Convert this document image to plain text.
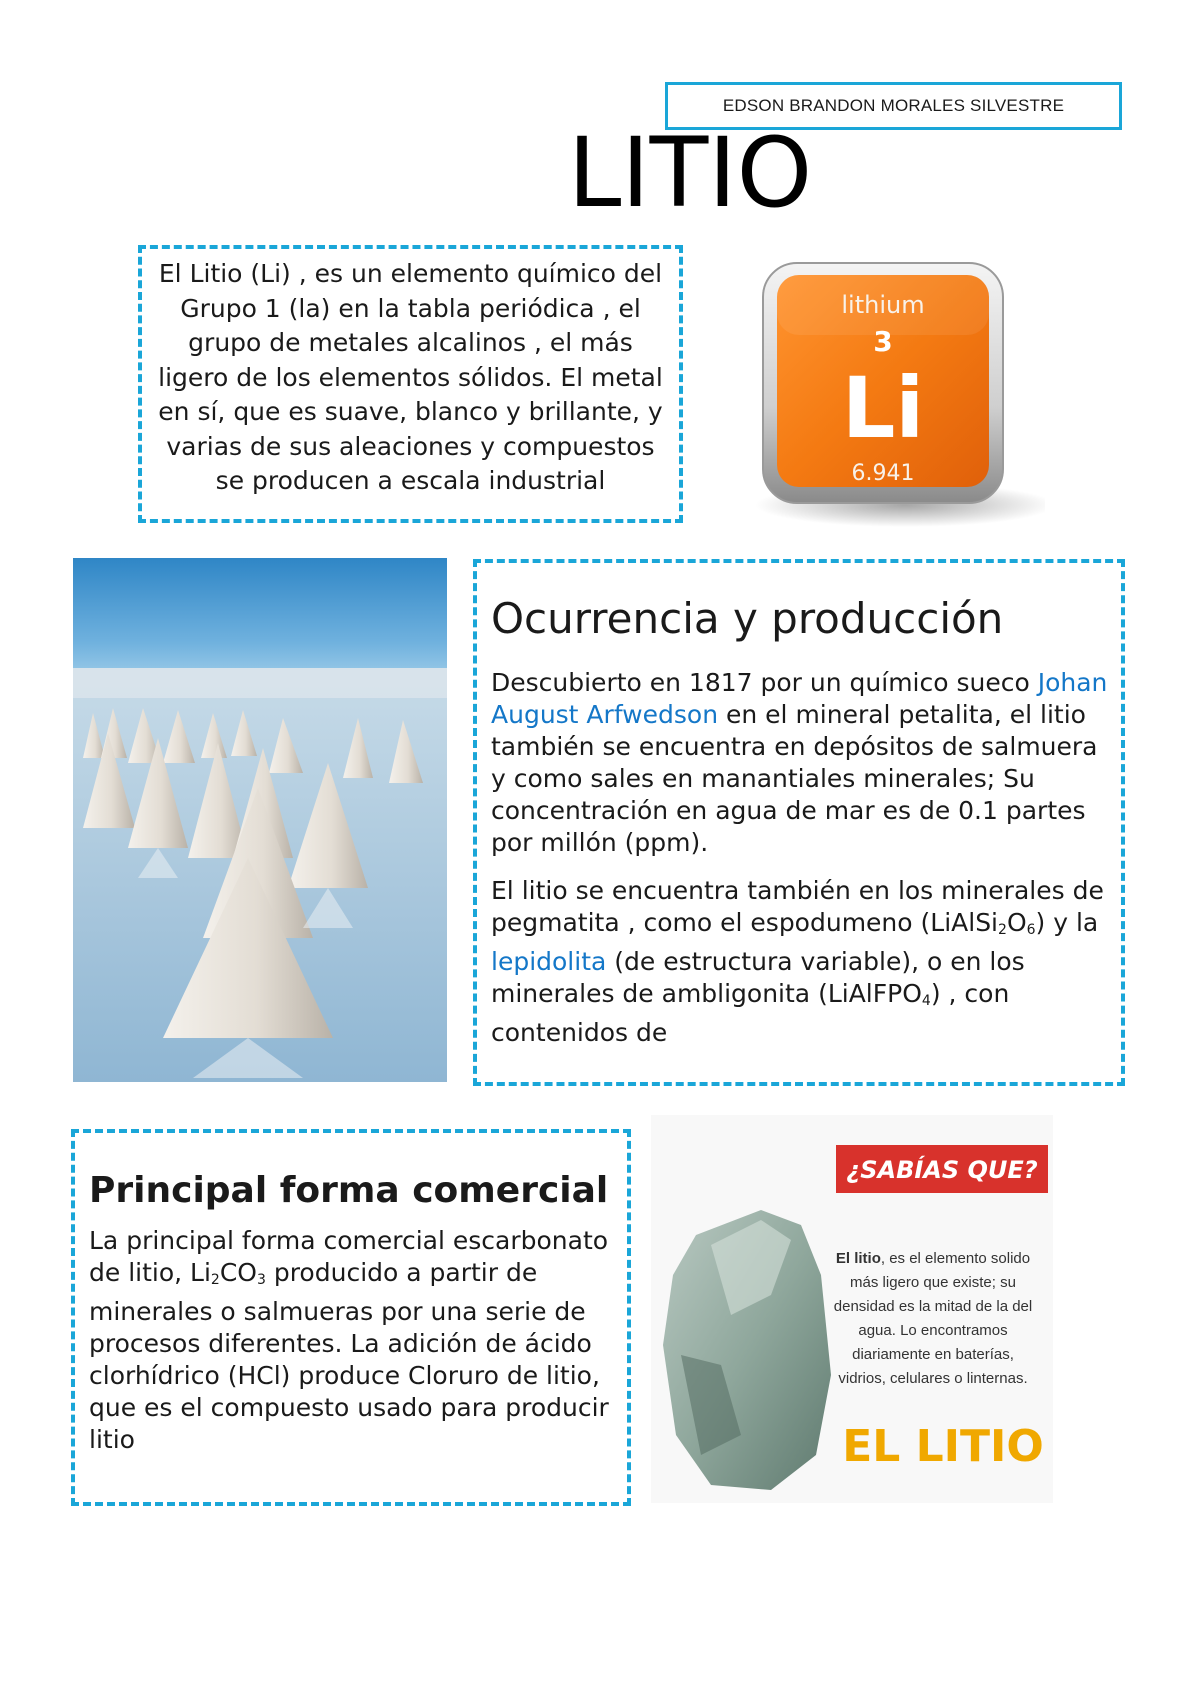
EDSON BRANDON MORALES SILVESTRE
LITIO

El Litio (Li) , es un elemento químico del Grupo 1 (la) en la tabla periódica , el grupo de metales alcalinos , el más ligero de los elementos sólidos. El metal en sí, que es suave, blanco y brillante, y varias de sus aleaciones y compuestos se producen a escala industrial

lithium
3
Li
6.941
Ocurrencia y producción

Descubierto en 1817 por un químico sueco Johan August Arfwedson en el mineral petalita, el litio también se encuentra en depósitos de salmuera y como sales en manantiales minerales; Su concentración en agua de mar es de 0.1 partes por millón (ppm).

El litio se encuentra también en los minerales de pegmatita , como el espodumeno $(LiAlSi_2O_6)$ y la lepidolita (de estructura variable), o en los minerales de ambligonita (LiAlFPO$_4$) , con contenidos de

Principal forma comercial

La principal forma comercial escarbonato de litio, $Li_2CO_3$ producido a partir de minerales o salmueras por una serie de procesos diferentes. La adición de ácido clorhídrico (HCl) produce Cloruro de litio, que es el compuesto usado para producir litio

¿SABÍAS QUE?
El litio, es el elemento solido
más ligero que existe; su
densidad es la mitad de la del
agua. Lo encontramos
diariamente en baterías,
vidrios, celulares o linternas.
EL LITIO
